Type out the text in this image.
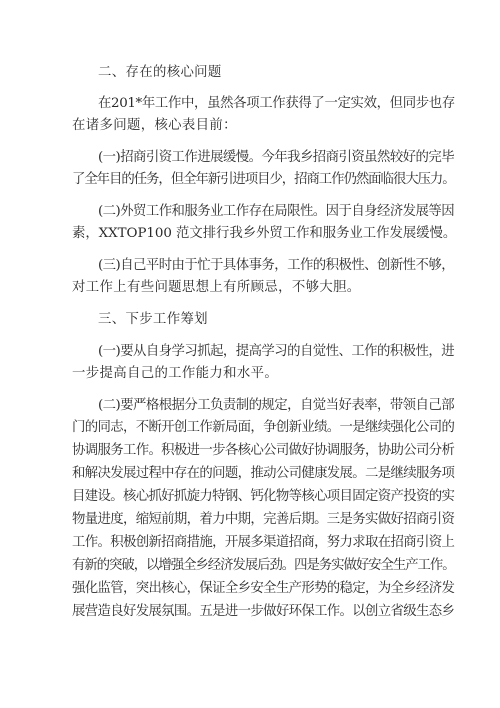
二、存在的核心问题
在201*年工作中，虽然各项工作获得了一定实效，但同步也存
在诸多问题，核心表目前：
(一)招商引资工作进展缓慢。今年我乡招商引资虽然较好的完毕
了全年目的任务，但全年新引进项目少，招商工作仍然面临很大压力。
(二)外贸工作和服务业工作存在局限性。因于自身经济发展等因
素，XXTOP100 范文排行我乡外贸工作和服务业工作发展缓慢。
(三)自己平时由于忙于具体事务，工作的积极性、创新性不够，
对工作上有些问题思想上有所顾忌，不够大胆。
三、下步工作筹划
(一)要从自身学习抓起，提高学习的自觉性、工作的积极性，进
一步提高自己的工作能力和水平。
(二)要严格根据分工负责制的规定，自觉当好表率，带领自己部
门的同志，不断开创工作新局面，争创新业绩。一是继续强化公司的
协调服务工作。积极进一步各核心公司做好协调服务，协助公司分析
和解决发展过程中存在的问题，推动公司健康发展。二是继续服务项
目建设。核心抓好抓旋力特钢、钙化物等核心项目固定资产投资的实
物量进度，缩短前期，着力中期，完善后期。三是务实做好招商引资
工作。积极创新招商措施，开展多渠道招商，努力求取在招商引资上
有新的突破，以增强全乡经济发展后劲。四是务实做好安全生产工作。
强化监管，突出核心，保证全乡安全生产形势的稳定，为全乡经济发
展营造良好发展氛围。五是进一步做好环保工作。以创立省级生态乡
